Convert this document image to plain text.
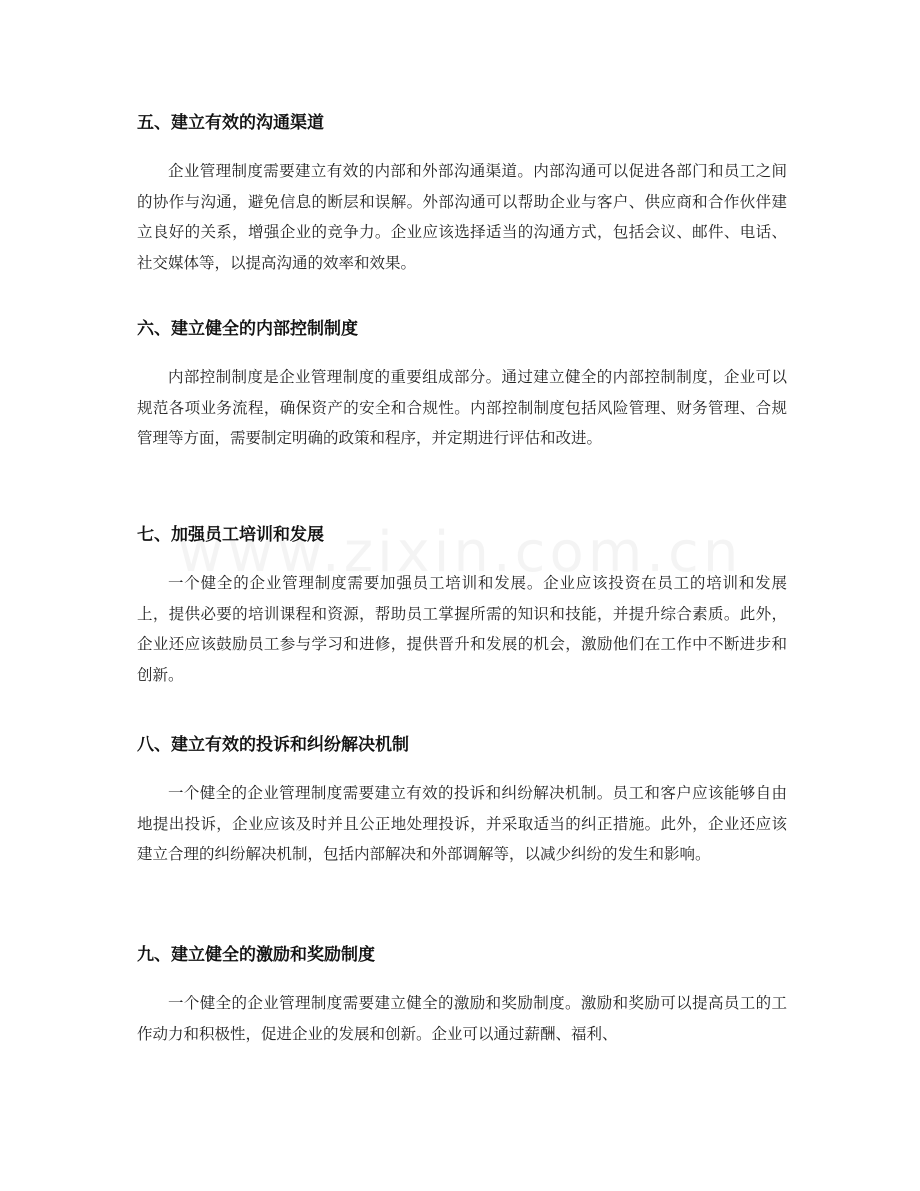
五、建立有效的沟通渠道

企业管理制度需要建立有效的内部和外部沟通渠道。内部沟通可以促进各部门和员工之间的协作与沟通，避免信息的断层和误解。外部沟通可以帮助企业与客户、供应商和合作伙伴建立良好的关系，增强企业的竞争力。企业应该选择适当的沟通方式，包括会议、邮件、电话、社交媒体等，以提高沟通的效率和效果。

六、建立健全的内部控制制度

内部控制制度是企业管理制度的重要组成部分。通过建立健全的内部控制制度，企业可以规范各项业务流程，确保资产的安全和合规性。内部控制制度包括风险管理、财务管理、合规管理等方面，需要制定明确的政策和程序，并定期进行评估和改进。

七、加强员工培训和发展

一个健全的企业管理制度需要加强员工培训和发展。企业应该投资在员工的培训和发展上，提供必要的培训课程和资源，帮助员工掌握所需的知识和技能，并提升综合素质。此外，企业还应该鼓励员工参与学习和进修，提供晋升和发展的机会，激励他们在工作中不断进步和创新。

八、建立有效的投诉和纠纷解决机制

一个健全的企业管理制度需要建立有效的投诉和纠纷解决机制。员工和客户应该能够自由地提出投诉，企业应该及时并且公正地处理投诉，并采取适当的纠正措施。此外，企业还应该建立合理的纠纷解决机制，包括内部解决和外部调解等，以减少纠纷的发生和影响。

九、建立健全的激励和奖励制度

一个健全的企业管理制度需要建立健全的激励和奖励制度。激励和奖励可以提高员工的工作动力和积极性，促进企业的发展和创新。企业可以通过薪酬、福利、
